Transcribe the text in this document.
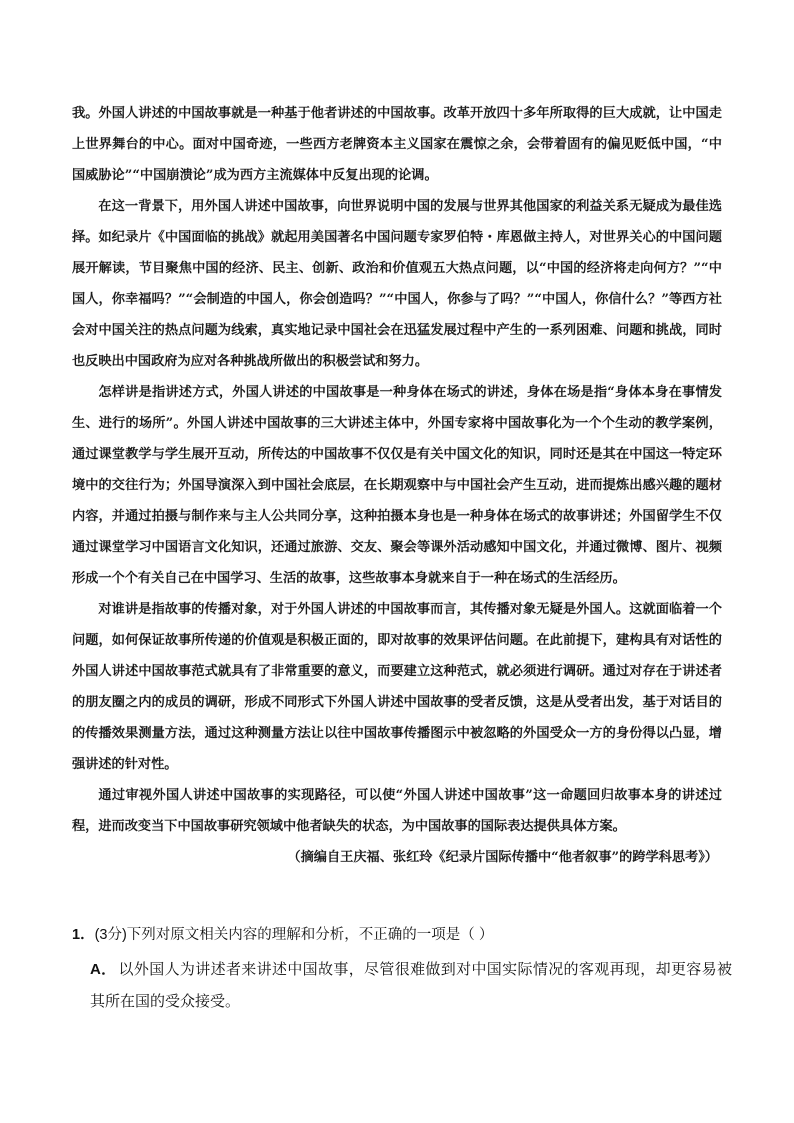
我。外国人讲述的中国故事就是一种基于他者讲述的中国故事。改革开放四十多年所取得的巨大成就，让中国走上世界舞台的中心。面对中国奇迹，一些西方老牌资本主义国家在震惊之余，会带着固有的偏见贬低中国，“中国威胁论”“中国崩溃论”成为西方主流媒体中反复出现的论调。

在这一背景下，用外国人讲述中国故事，向世界说明中国的发展与世界其他国家的利益关系无疑成为最佳选择。如纪录片《中国面临的挑战》就起用美国著名中国问题专家罗伯特・库恩做主持人，对世界关心的中国问题展开解读，节目聚焦中国的经济、民主、创新、政治和价值观五大热点问题，以“中国的经济将走向何方？”“中国人，你幸福吗？”“会制造的中国人，你会创造吗？”“中国人，你参与了吗？”“中国人，你信什么？”等西方社会对中国关注的热点问题为线索，真实地记录中国社会在迅猛发展过程中产生的一系列困难、问题和挑战，同时也反映出中国政府为应对各种挑战所做出的积极尝试和努力。

怎样讲是指讲述方式，外国人讲述的中国故事是一种身体在场式的讲述，身体在场是指“身体本身在事情发生、进行的场所”。外国人讲述中国故事的三大讲述主体中，外国专家将中国故事化为一个个生动的教学案例，通过课堂教学与学生展开互动，所传达的中国故事不仅仅是有关中国文化的知识，同时还是其在中国这一特定环境中的交往行为；外国导演深入到中国社会底层，在长期观察中与中国社会产生互动，进而提炼出感兴趣的题材内容，并通过拍摄与制作来与主人公共同分享，这种拍摄本身也是一种身体在场式的故事讲述；外国留学生不仅通过课堂学习中国语言文化知识，还通过旅游、交友、聚会等课外活动感知中国文化，并通过微博、图片、视频形成一个个有关自己在中国学习、生活的故事，这些故事本身就来自于一种在场式的生活经历。

对谁讲是指故事的传播对象，对于外国人讲述的中国故事而言，其传播对象无疑是外国人。这就面临着一个问题，如何保证故事所传递的价值观是积极正面的，即对故事的效果评估问题。在此前提下，建构具有对话性的外国人讲述中国故事范式就具有了非常重要的意义，而要建立这种范式，就必须进行调研。通过对存在于讲述者的朋友圈之内的成员的调研，形成不同形式下外国人讲述中国故事的受者反馈，这是从受者出发，基于对话目的的传播效果测量方法，通过这种测量方法让以往中国故事传播图示中被忽略的外国受众一方的身份得以凸显，增强讲述的针对性。

通过审视外国人讲述中国故事的实现路径，可以使“外国人讲述中国故事”这一命题回归故事本身的讲述过程，进而改变当下中国故事研究领域中他者缺失的状态，为中国故事的国际表达提供具体方案。

（摘编自王庆福、张红玲《纪录片国际传播中“他者叙事”的跨学科思考》）

1．(3分)下列对原文相关内容的理解和分析，不正确的一项是（ ）

A． 以外国人为讲述者来讲述中国故事，尽管很难做到对中国实际情况的客观再现，却更容易被其所在国的受众接受。
